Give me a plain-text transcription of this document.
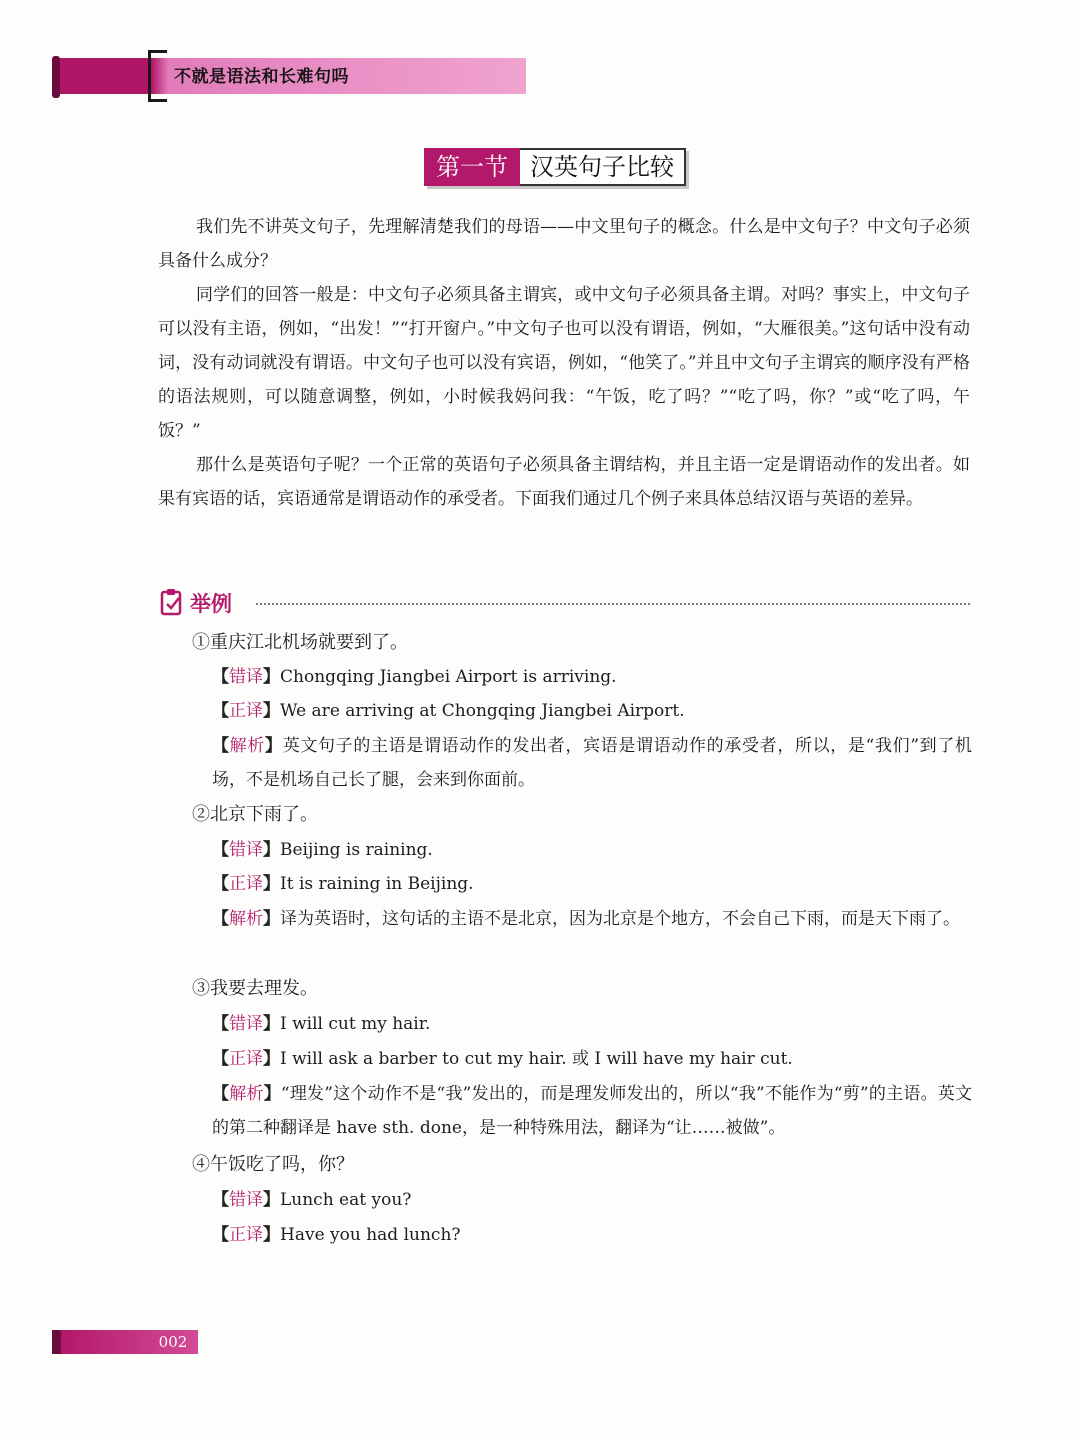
不就是语法和长难句吗
第一节 汉英句子比较

我们先不讲英文句子，先理解清楚我们的母语——中文里句子的概念。什么是中文句子？中文句子必须具备什么成分？

同学们的回答一般是：中文句子必须具备主谓宾，或中文句子必须具备主谓。对吗？事实上，中文句子可以没有主语，例如，“出发！”“打开窗户。”中文句子也可以没有谓语，例如，“大雁很美。”这句话中没有动词，没有动词就没有谓语。中文句子也可以没有宾语，例如，“他笑了。”并且中文句子主谓宾的顺序没有严格的语法规则，可以随意调整，例如，小时候我妈问我：“午饭，吃了吗？”“吃了吗，你？”或“吃了吗，午饭？”

那什么是英语句子呢？一个正常的英语句子必须具备主谓结构，并且主语一定是谓语动作的发出者。如果有宾语的话，宾语通常是谓语动作的承受者。下面我们通过几个例子来具体总结汉语与英语的差异。

举例
①重庆江北机场就要到了。
【错译】Chongqing Jiangbei Airport is arriving.
【正译】We are arriving at Chongqing Jiangbei Airport.
【解析】英文句子的主语是谓语动作的发出者，宾语是谓语动作的承受者，所以，是“我们”到了机场，不是机场自己长了腿，会来到你面前。
②北京下雨了。
【错译】Beijing is raining.
【正译】It is raining in Beijing.
【解析】译为英语时，这句话的主语不是北京，因为北京是个地方，不会自己下雨，而是天下雨了。
③我要去理发。
【错译】I will cut my hair.
【正译】I will ask a barber to cut my hair. 或 I will have my hair cut.
【解析】“理发”这个动作不是“我”发出的，而是理发师发出的，所以“我”不能作为“剪”的主语。英文的第二种翻译是 have sth. done，是一种特殊用法，翻译为“让……被做”。
④午饭吃了吗，你？
【错译】Lunch eat you?
【正译】Have you had lunch?
002
